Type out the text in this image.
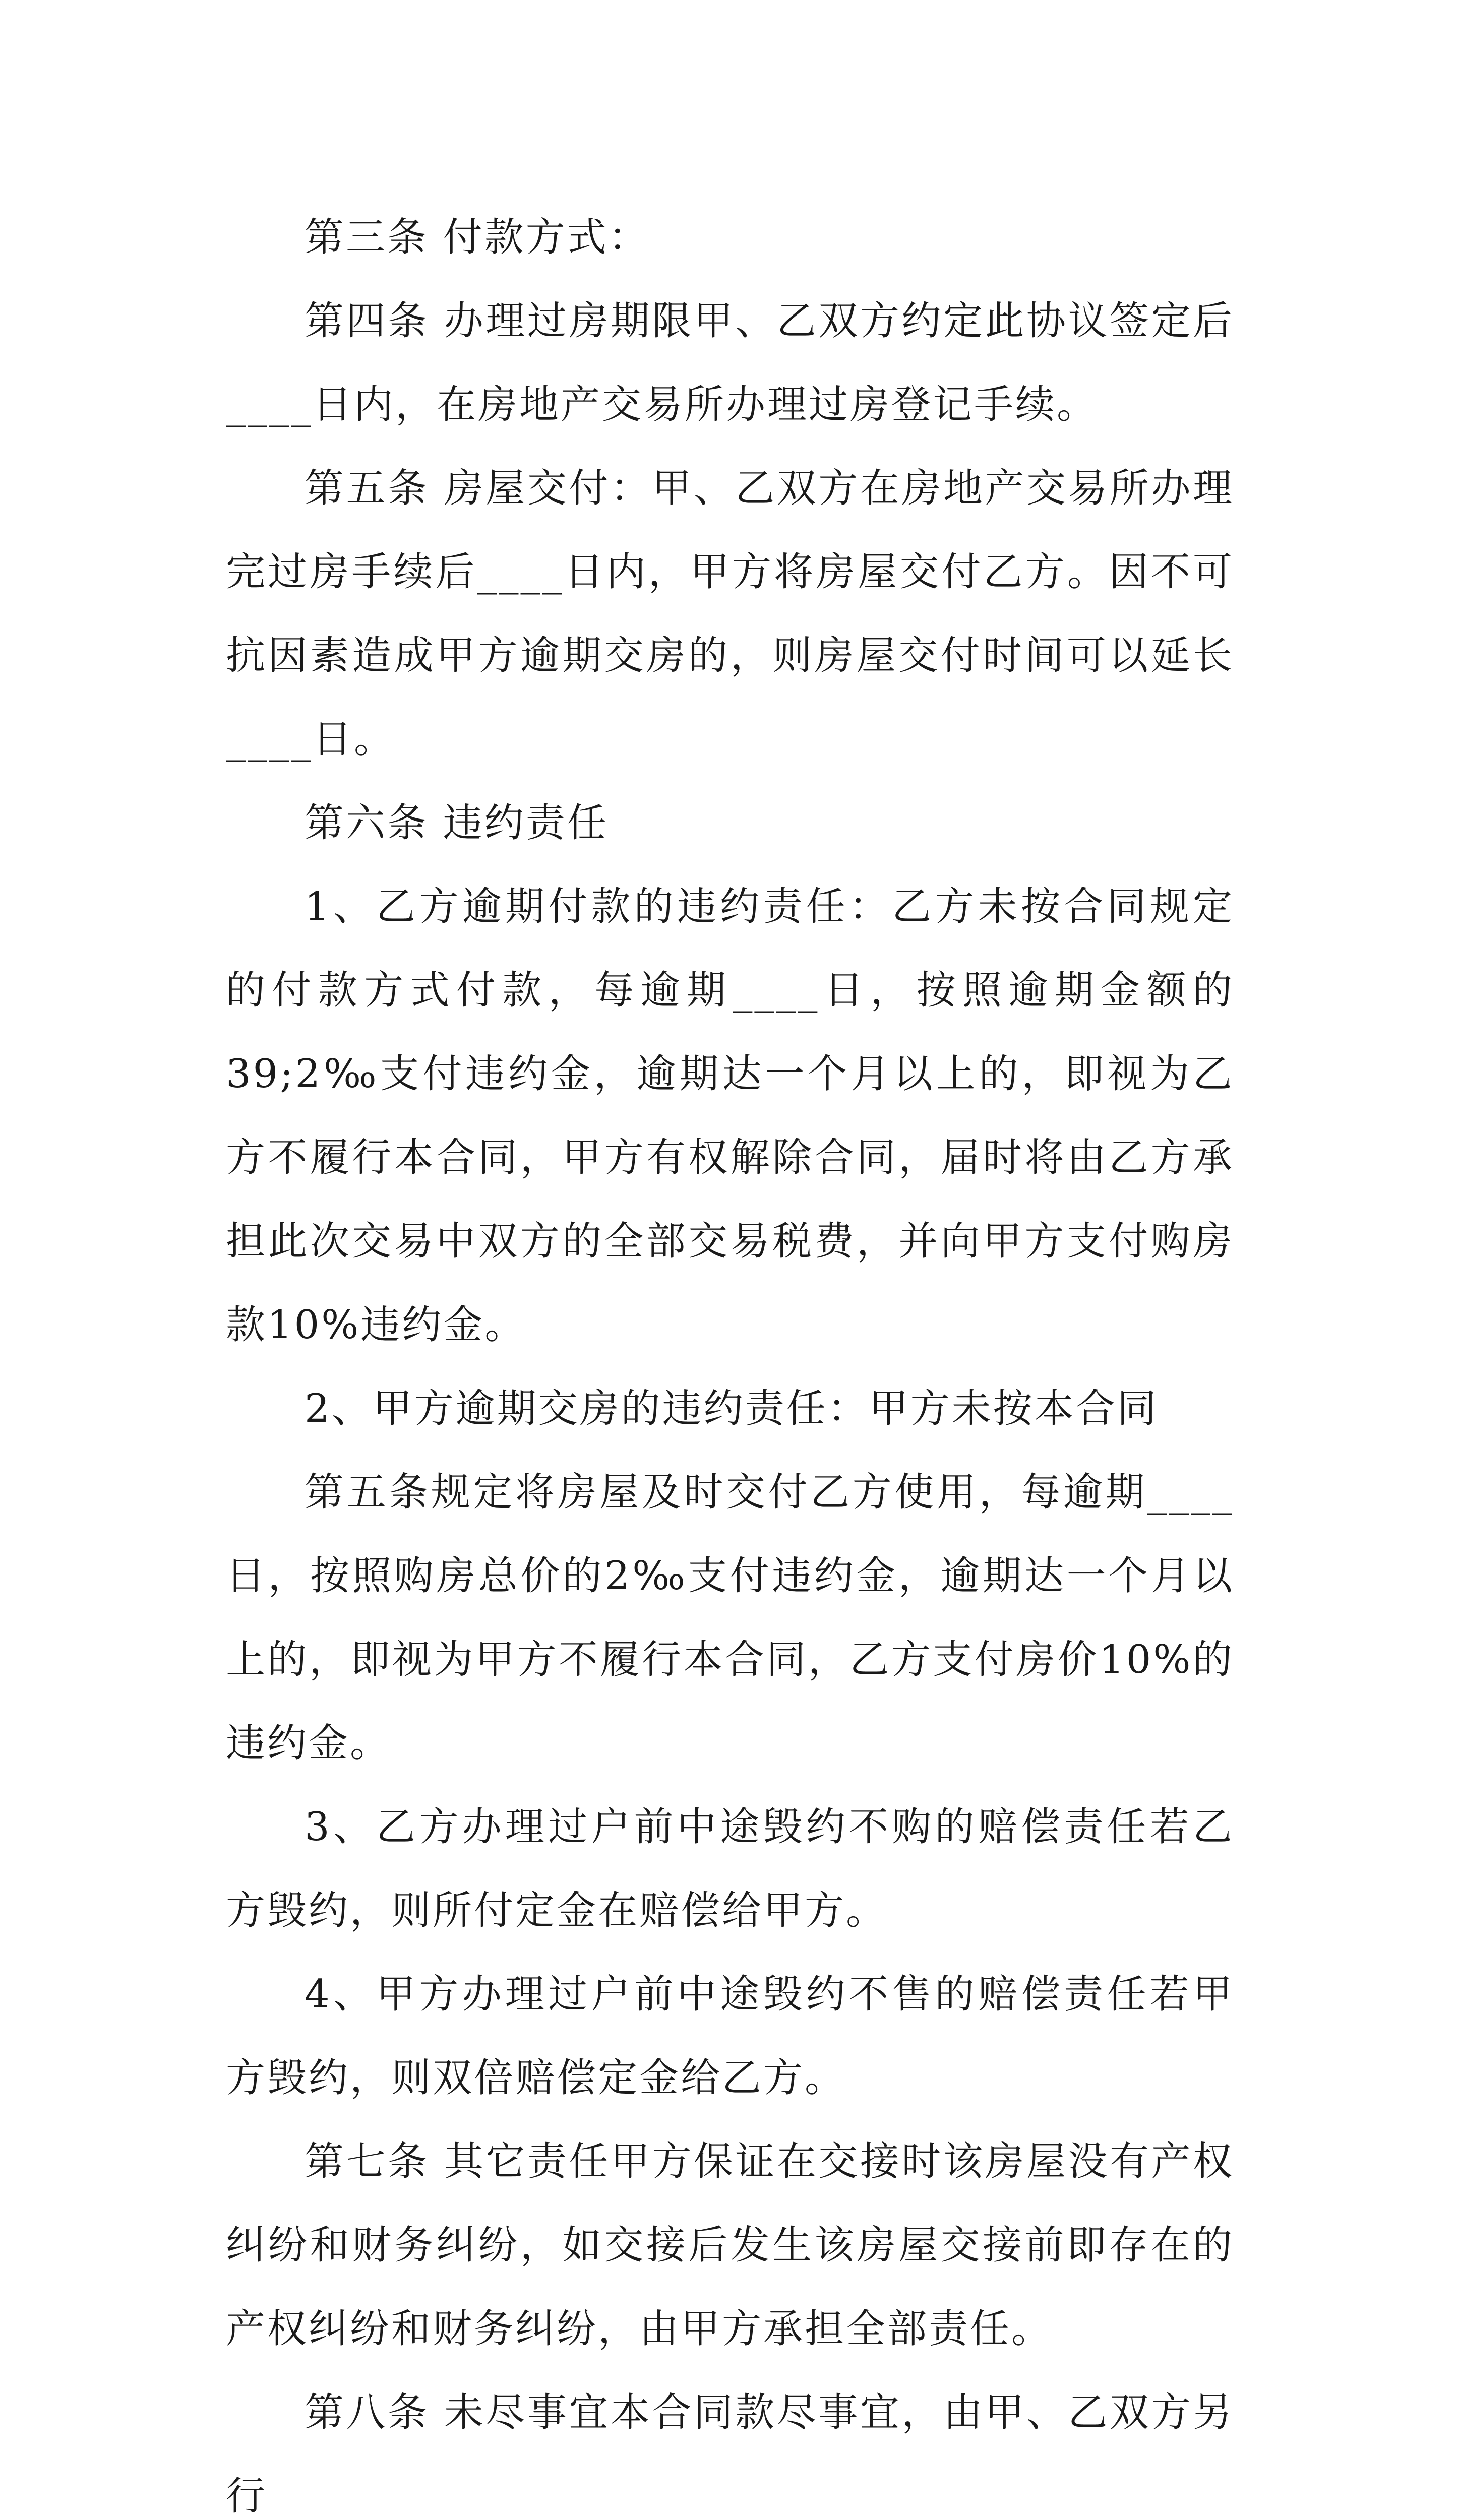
第三条 付款方式：

第四条 办理过房期限甲、乙双方约定此协议签定后____日内，在房地产交易所办理过房登记手续。

第五条 房屋交付：甲、乙双方在房地产交易所办理完过房手续后____日内，甲方将房屋交付乙方。因不可抗因素造成甲方逾期交房的，则房屋交付时间可以延长____日。

第六条 违约责任

1、乙方逾期付款的违约责任：乙方未按合同规定的付款方式付款，每逾期____日，按照逾期金额的39;2‰支付违约金，逾期达一个月以上的，即视为乙方不履行本合同，甲方有权解除合同，届时将由乙方承担此次交易中双方的全部交易税费，并向甲方支付购房款10%违约金。

2、甲方逾期交房的违约责任：甲方未按本合同

第五条规定将房屋及时交付乙方使用，每逾期____日，按照购房总价的2‰支付违约金，逾期达一个月以上的，即视为甲方不履行本合同，乙方支付房价10%的违约金。

3、乙方办理过户前中途毁约不购的赔偿责任若乙方毁约，则所付定金在赔偿给甲方。

4、甲方办理过户前中途毁约不售的赔偿责任若甲方毁约，则双倍赔偿定金给乙方。

第七条 其它责任甲方保证在交接时该房屋没有产权纠纷和财务纠纷，如交接后发生该房屋交接前即存在的产权纠纷和财务纠纷，由甲方承担全部责任。

第八条 未尽事宜本合同款尽事宜，由甲、乙双方另行
